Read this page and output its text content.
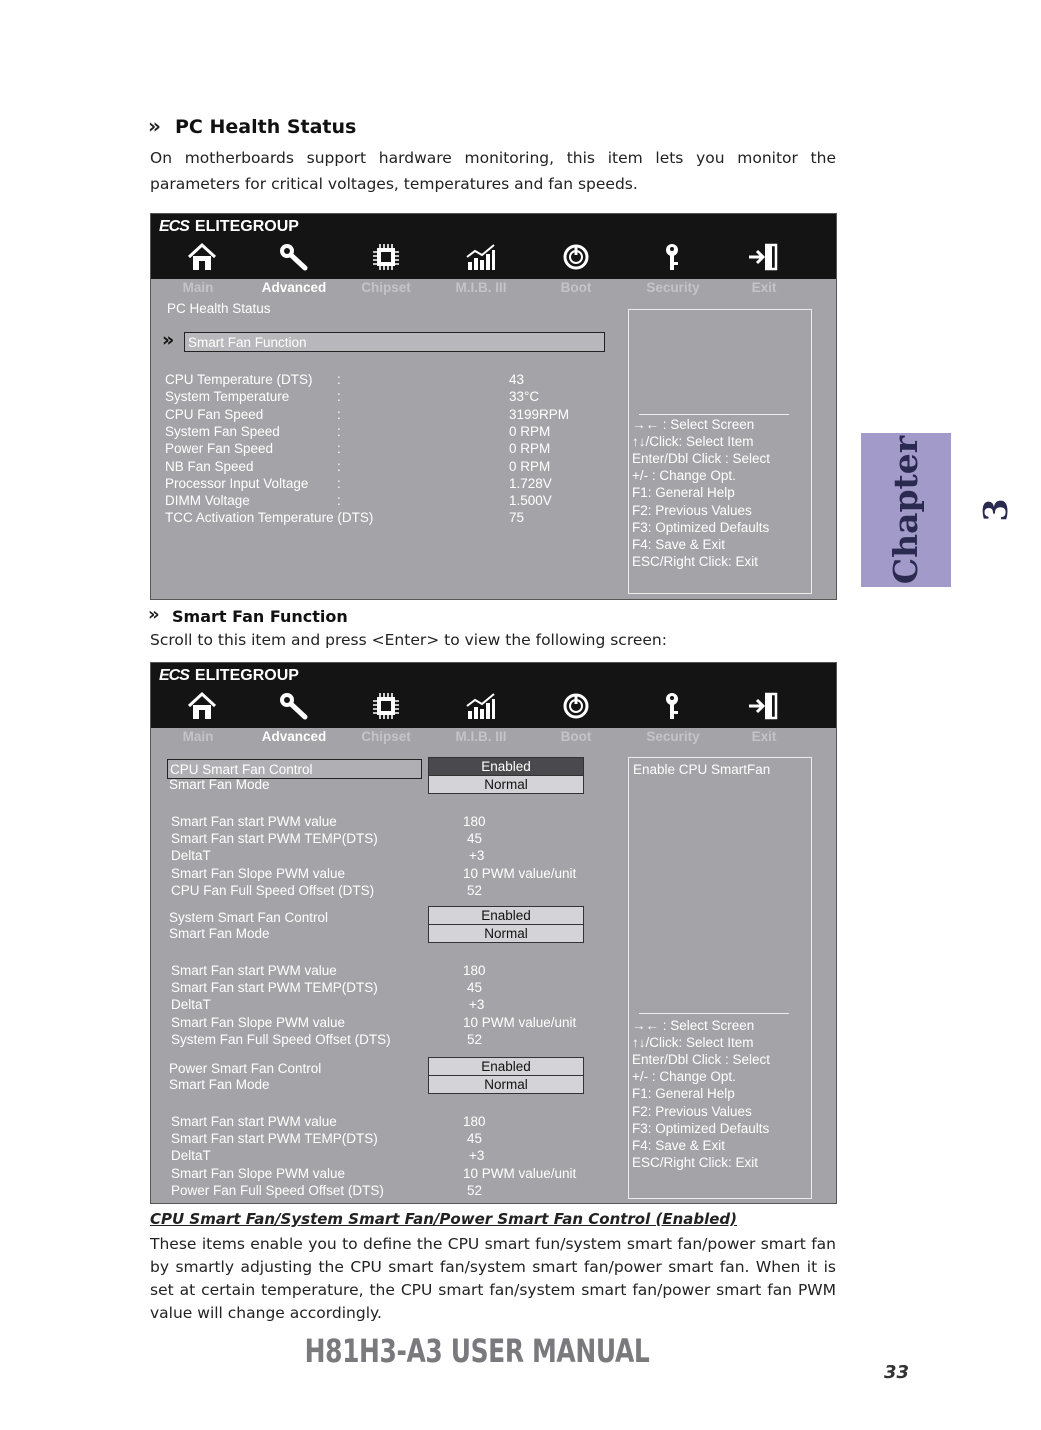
» PC Health Status
On motherboards support hardware monitoring, this item lets you monitor the parameters for critical voltages, temperatures and fan speeds.
ECS ELITEGROUP
Main	Advanced	Chipset	M.I.B. III	Boot	Security	Exit
PC Health Status
» Smart Fan Function
CPU Temperature (DTS) :	43
System Temperature	:	33°C
CPU Fan Speed	:	3199RPM
System Fan Speed	:	0 RPM
Power Fan Speed	:	0 RPM
NB Fan Speed	:	0 RPM
Processor Input Voltage :	1.728V
DIMM Voltage	:	1.500V
TCC Activation Temperature (DTS)	75
→← : Select Screen
↑↓/Click: Select Item
Enter/Dbl Click : Select
+/- : Change Opt.
F1: General Help
F2: Previous Values
F3: Optimized Defaults
F4: Save & Exit
ESC/Right Click: Exit
» Smart Fan Function
Scroll to this item and press <Enter> to view the following screen:
ECS ELITEGROUP
Main	Advanced	Chipset	M.I.B. III	Boot	Security	Exit
CPU Smart Fan Control	Enabled
Smart Fan Mode	Normal
Smart Fan start PWM value	180
Smart Fan start PWM TEMP(DTS)	45
DeltaT	+3
Smart Fan Slope PWM value	10 PWM value/unit
CPU Fan Full Speed Offset (DTS)	52
System Smart Fan Control	Enabled
Smart Fan Mode	Normal
Smart Fan start PWM value	180
Smart Fan start PWM TEMP(DTS)	45
DeltaT	+3
Smart Fan Slope PWM value	10 PWM value/unit
System Fan Full Speed Offset (DTS)	52
Power Smart Fan Control	Enabled
Smart Fan Mode	Normal
Smart Fan start PWM value	180
Smart Fan start PWM TEMP(DTS)	45
DeltaT	+3
Smart Fan Slope PWM value	10 PWM value/unit
Power Fan Full Speed Offset (DTS)	52
Enable CPU SmartFan
→← : Select Screen
↑↓/Click: Select Item
Enter/Dbl Click : Select
+/- : Change Opt.
F1: General Help
F2: Previous Values
F3: Optimized Defaults
F4: Save & Exit
ESC/Right Click: Exit
CPU Smart Fan/System Smart Fan/Power Smart Fan Control (Enabled)
These items enable you to define the CPU smart fun/system smart fan/power smart fan by smartly adjusting the CPU smart fan/system smart fan/power smart fan. When it is set at certain temperature, the CPU smart fan/system smart fan/power smart fan PWM value will change accordingly.
Chapter 3
H81H3-A3 USER MANUAL
33
